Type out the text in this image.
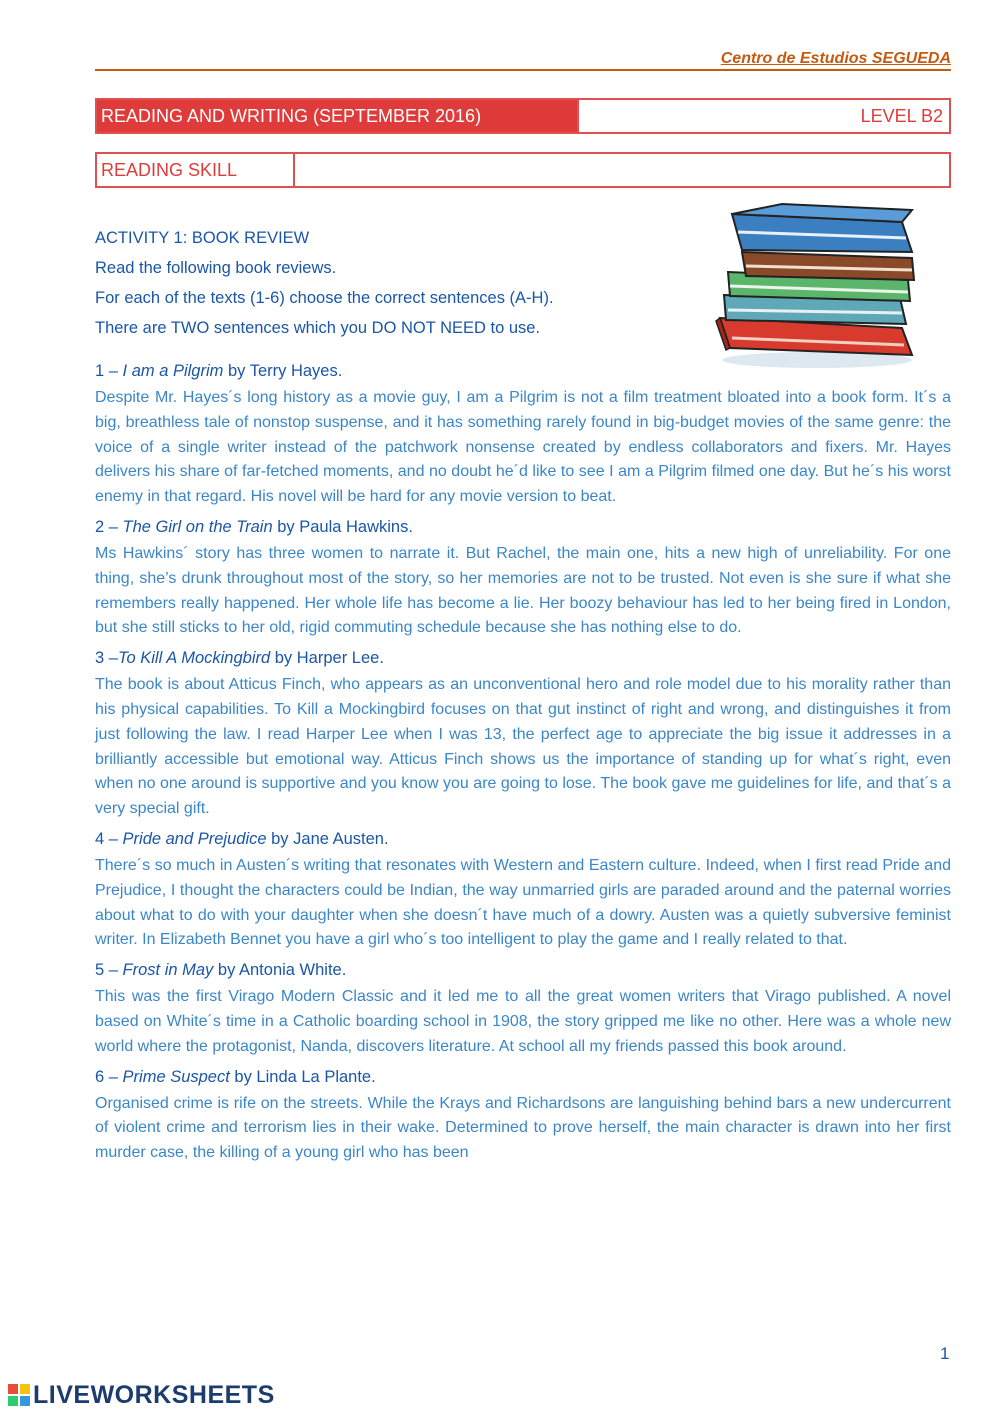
Centro de Estudios SEGUEDA
READING AND WRITING (SEPTEMBER 2016)	LEVEL B2
READING SKILL
ACTIVITY 1: BOOK REVIEW
Read the following book reviews.
For each of the texts (1-6) choose the correct sentences (A-H).
There are TWO sentences which you DO NOT NEED to use.

1 – I am a Pilgrim by Terry Hayes.

Despite Mr. Hayes´s long history as a movie guy, I am a Pilgrim is not a film treatment bloated into a book form. It´s a big, breathless tale of nonstop suspense, and it has something rarely found in big-budget movies of the same genre: the voice of a single writer instead of the patchwork nonsense created by endless collaborators and fixers. Mr. Hayes delivers his share of far-fetched moments, and no doubt he´d like to see I am a Pilgrim filmed one day. But he´s his worst enemy in that regard. His novel will be hard for any movie version to beat.

2 – The Girl on the Train by Paula Hawkins.

Ms Hawkins´ story has three women to narrate it. But Rachel, the main one, hits a new high of unreliability. For one thing, she’s drunk throughout most of the story, so her memories are not to be trusted. Not even is she sure if what she remembers really happened. Her whole life has become a lie. Her boozy behaviour has led to her being fired in London, but she still sticks to her old, rigid commuting schedule because she has nothing else to do.

3 –To Kill A Mockingbird by Harper Lee.

The book is about Atticus Finch, who appears as an unconventional hero and role model due to his morality rather than his physical capabilities. To Kill a Mockingbird focuses on that gut instinct of right and wrong, and distinguishes it from just following the law. I read Harper Lee when I was 13, the perfect age to appreciate the big issue it addresses in a brilliantly accessible but emotional way. Atticus Finch shows us the importance of standing up for what´s right, even when no one around is supportive and you know you are going to lose. The book gave me guidelines for life, and that´s a very special gift.

4 – Pride and Prejudice by Jane Austen.

There´s so much in Austen´s writing that resonates with Western and Eastern culture. Indeed, when I first read Pride and Prejudice, I thought the characters could be Indian, the way unmarried girls are paraded around and the paternal worries about what to do with your daughter when she doesn´t have much of a dowry. Austen was a quietly subversive feminist writer. In Elizabeth Bennet you have a girl who´s too intelligent to play the game and I really related to that.

5 – Frost in May by Antonia White.

This was the first Virago Modern Classic and it led me to all the great women writers that Virago published. A novel based on White´s time in a Catholic boarding school in 1908, the story gripped me like no other. Here was a whole new world where the protagonist, Nanda, discovers literature. At school all my friends passed this book around.

6 – Prime Suspect by Linda La Plante.

Organised crime is rife on the streets. While the Krays and Richardsons are languishing behind bars a new undercurrent of violent crime and terrorism lies in their wake. Determined to prove herself, the main character is drawn into her first murder case, the killing of a young girl who has been

1
LIVEWORKSHEETS
